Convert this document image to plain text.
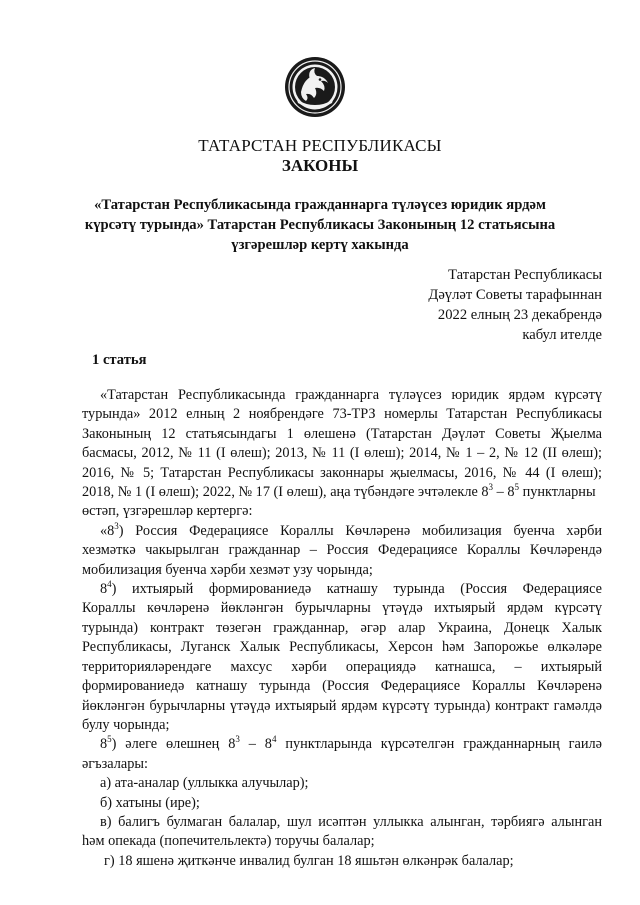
ТАТАРСТАН РЕСПУБЛИКАСЫ
ЗАКОНЫ
«Татарстан Республикасында гражданнарга түләүсез юридик ярдәм
күрсәтү турында» Татарстан Республикасы Законының 12 статьясына
үзгәрешләр кертү хакында
Татарстан Республикасы
Дәүләт Советы тарафыннан
2022 елның 23 декабрендә
кабул ителде
1 статья
«Татарстан Республикасында гражданнарга түләүсез юридик ярдәм күрсәтү
турында» 2012 елның 2 ноябрендәге 73-ТРЗ номерлы Татарстан Республикасы
Законының 12 статьясындагы 1 өлешенә (Татарстан Дәүләт Советы Җыелма
басмасы, 2012, № 11 (I өлеш); 2013, № 11 (I өлеш); 2014, № 1 – 2, № 12 (II өлеш);
2016, № 5; Татарстан Республикасы законнары җыелмасы, 2016, № 44 (I өлеш);
2018, № 1 (I өлеш); 2022, № 17 (I өлеш), аңа түбәндәге эчтәлекле $8^3 - 8^5$ пунктларны
өстәп, үзгәрешләр кертергә:
«$8^3$) Россия Федерациясе Кораллы Көчләренә мобилизация буенча хәрби
хезмәткә чакырылган гражданнар – Россия Федерациясе Кораллы Көчләрендә
мобилизация буенча хәрби хезмәт узу чорында;
$8^4$) ихтыярый формированиедә катнашу турында (Россия Федерациясе
Кораллы көчләренә йөкләнгән бурычларны үтәүдә ихтыярый ярдәм күрсәтү
турында) контракт төзегән гражданнар, әгәр алар Украина, Донецк Халык
Республикасы, Луганск Халык Республикасы, Херсон һәм Запорожье өлкәләре
территорияләрендәге махсус хәрби операциядә катнашса, – ихтыярый
формированиедә катнашу турында (Россия Федерациясе Кораллы Көчләренә
йөкләнгән бурычларны үтәүдә ихтыярый ярдәм күрсәтү турында) контракт гамәлдә
булу чорында;
$8^5$) әлеге өлешнең $8^3 - 8^4$ пунктларында күрсәтелгән гражданнарның гаилә
әгъзалары:
а) ата-аналар (уллыкка алучылар);
б) хатыны (ире);
в) балигъ булмаган балалар, шул исәптән уллыкка алынган, тәрбиягә алынган
һәм опекада (попечительлектә) торучы балалар;
г) 18 яшенә җиткәнче инвалид булган 18 яшьтән өлкәнрәк балалар;
